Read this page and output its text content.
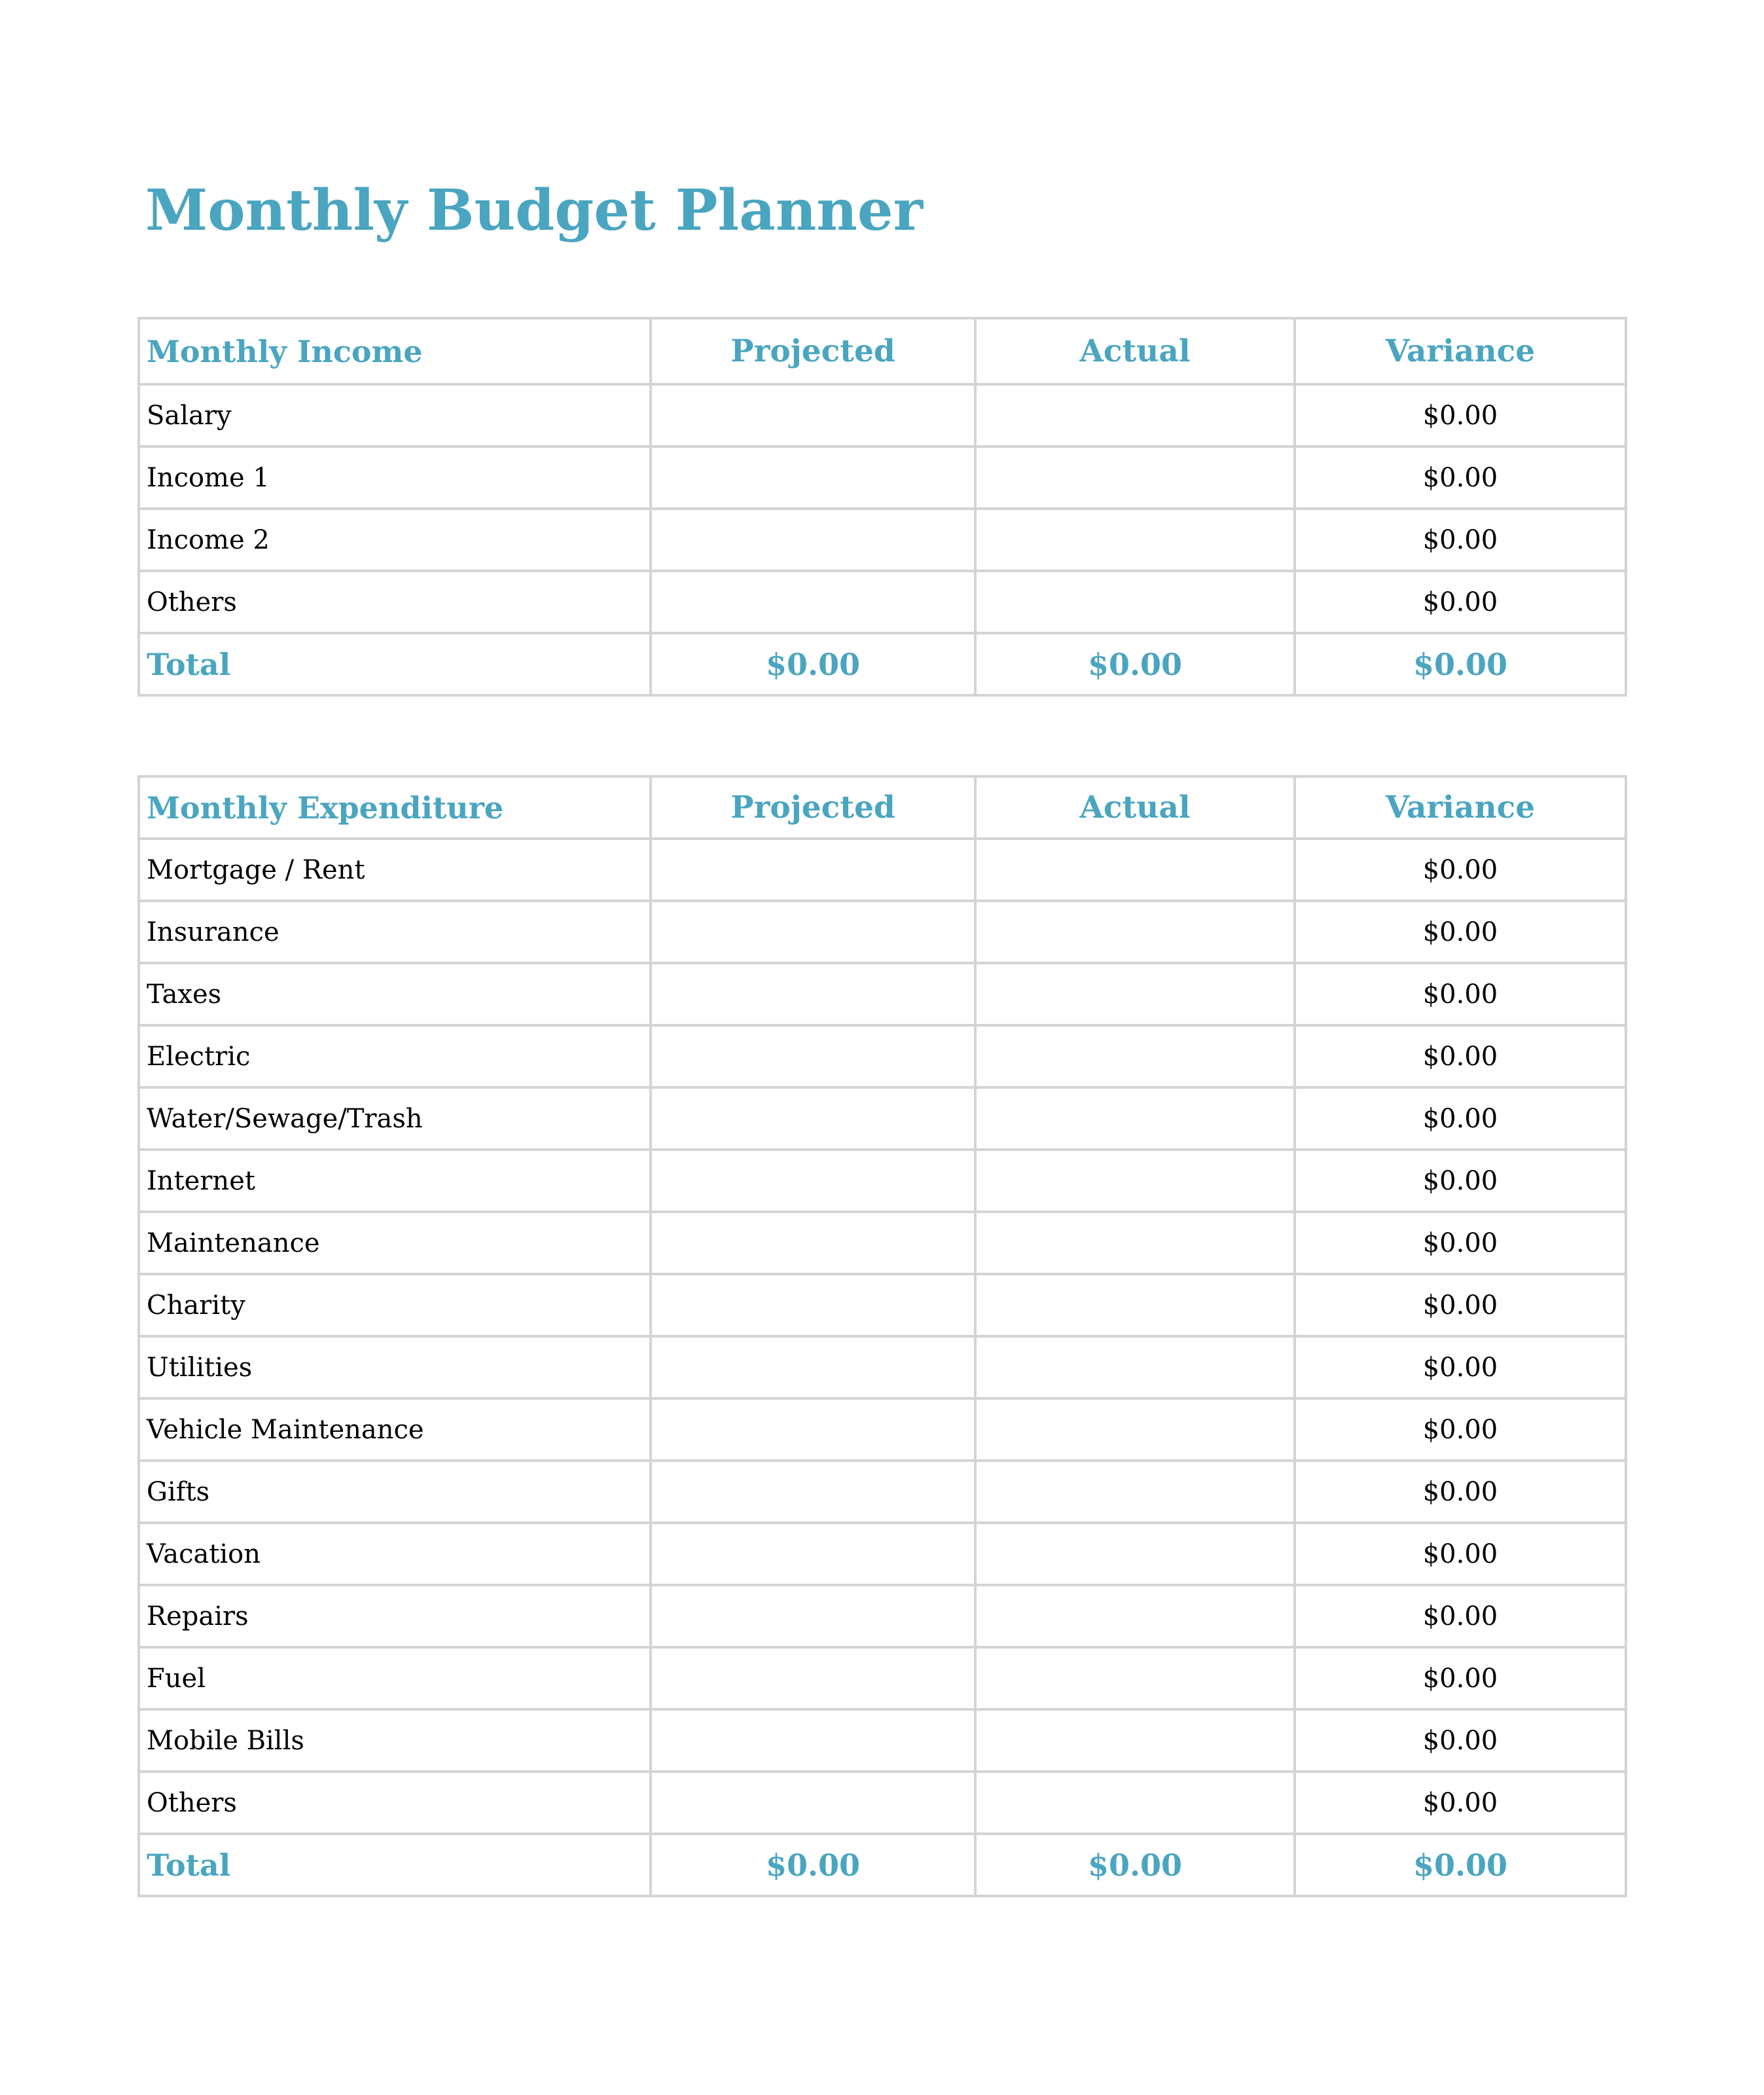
Monthly Budget Planner
Monthly Income	Projected	Actual	Variance
Salary			$0.00
Income 1			$0.00
Income 2			$0.00
Others			$0.00
Total	$0.00	$0.00	$0.00
Monthly Expenditure	Projected	Actual	Variance
Mortgage / Rent			$0.00
Insurance			$0.00
Taxes			$0.00
Electric			$0.00
Water/Sewage/Trash			$0.00
Internet			$0.00
Maintenance			$0.00
Charity			$0.00
Utilities			$0.00
Vehicle Maintenance			$0.00
Gifts			$0.00
Vacation			$0.00
Repairs			$0.00
Fuel			$0.00
Mobile Bills			$0.00
Others			$0.00
Total	$0.00	$0.00	$0.00
